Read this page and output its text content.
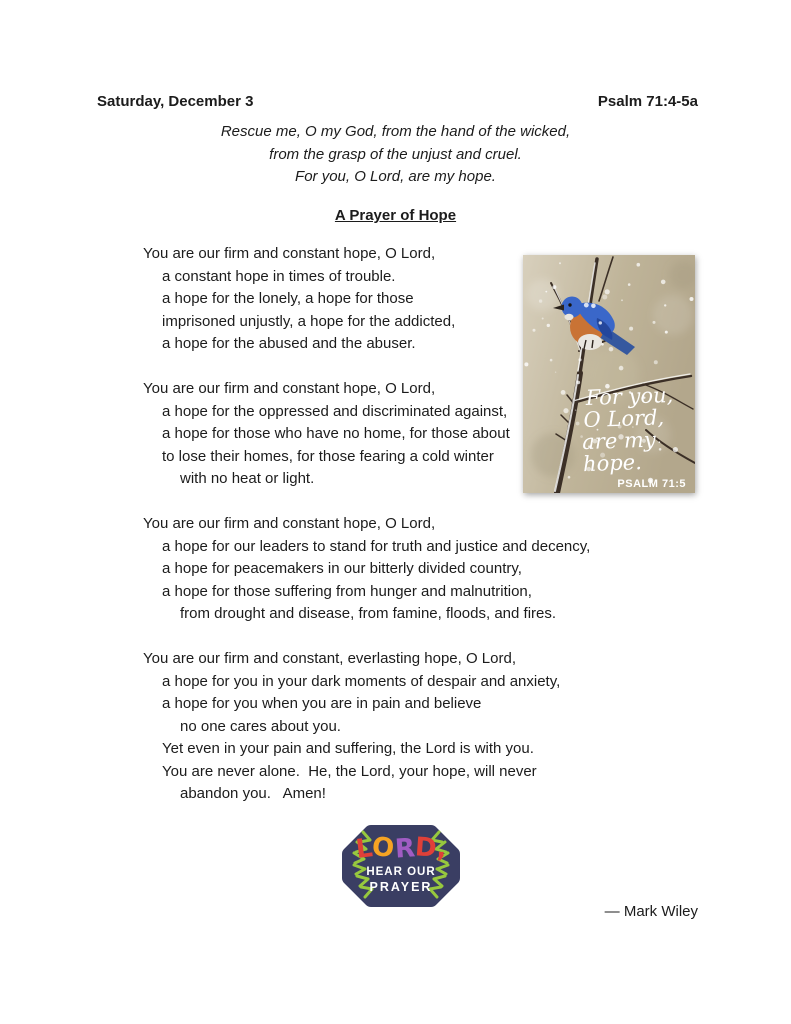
Saturday, December 3	Psalm 71:4-5a
Rescue me, O my God, from the hand of the wicked,
from the grasp of the unjust and cruel.
For you, O Lord, are my hope.
A Prayer of Hope
You are our firm and constant hope, O Lord,
a constant hope in times of trouble.
a hope for the lonely, a hope for those
imprisoned unjustly, a hope for the addicted,
a hope for the abused and the abuser.
You are our firm and constant hope, O Lord,
a hope for the oppressed and discriminated against,
a hope for those who have no home, for those about
to lose their homes, for those fearing a cold winter
with no heat or light.
You are our firm and constant hope, O Lord,
a hope for our leaders to stand for truth and justice and decency,
a hope for peacemakers in our bitterly divided country,
a hope for those suffering from hunger and malnutrition,
from drought and disease, from famine, floods, and fires.
You are our firm and constant, everlasting hope, O Lord,
a hope for you in your dark moments of despair and anxiety,
a hope for you when you are in pain and believe
no one cares about you.
Yet even in your pain and suffering, the Lord is with you.
You are never alone.  He, the Lord, your hope, will never
abandon you.   Amen!
For you, O Lord, are my hope.
PSALM 71:5
LORD,
HEAR OUR
PRAYER
— Mark Wiley
